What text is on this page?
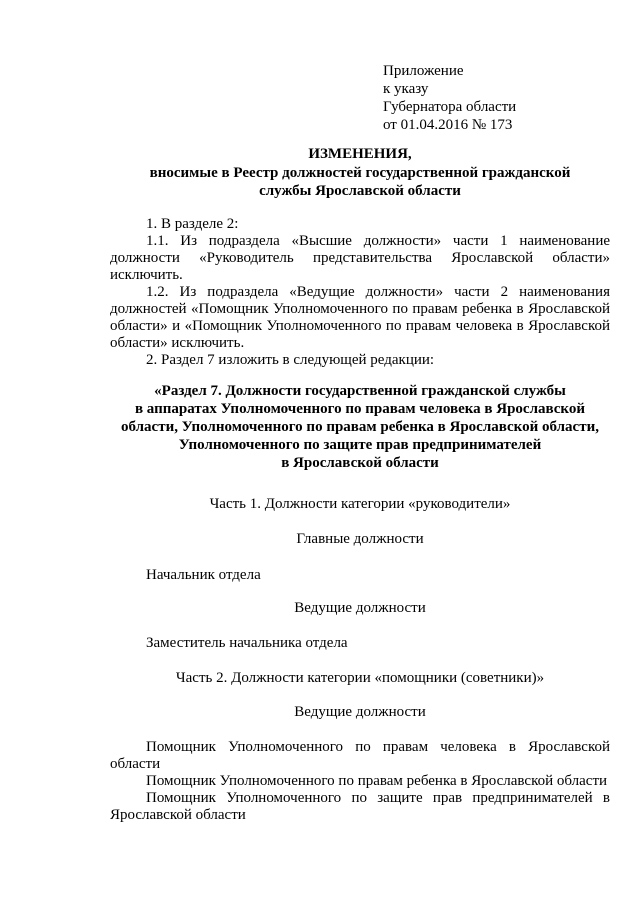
Приложение
к указу
Губернатора области
от 01.04.2016 № 173
ИЗМЕНЕНИЯ,
вносимые в Реестр должностей государственной гражданской
службы Ярославской области

1. В разделе 2:

1.1. Из подраздела «Высшие должности» части 1 наименование должности «Руководитель представительства Ярославской области» исключить.

1.2. Из подраздела «Ведущие должности» части 2 наименования должностей «Помощник Уполномоченного по правам ребенка в Ярославской области» и «Помощник Уполномоченного по правам человека в Ярославской области» исключить.

2. Раздел 7 изложить в следующей редакции:

«Раздел 7. Должности государственной гражданской службы
в аппаратах Уполномоченного по правам человека в Ярославской
области, Уполномоченного по правам ребенка в Ярославской области,
Уполномоченного по защите прав предпринимателей
в Ярославской области
Часть 1. Должности категории «руководители»
Главные должности
Начальник отдела
Ведущие должности
Заместитель начальника отдела
Часть 2. Должности категории «помощники (советники)»
Ведущие должности

Помощник Уполномоченного по правам человека в Ярославской области

Помощник Уполномоченного по правам ребенка в Ярославской области

Помощник Уполномоченного по защите прав предпринимателей в Ярославской области
